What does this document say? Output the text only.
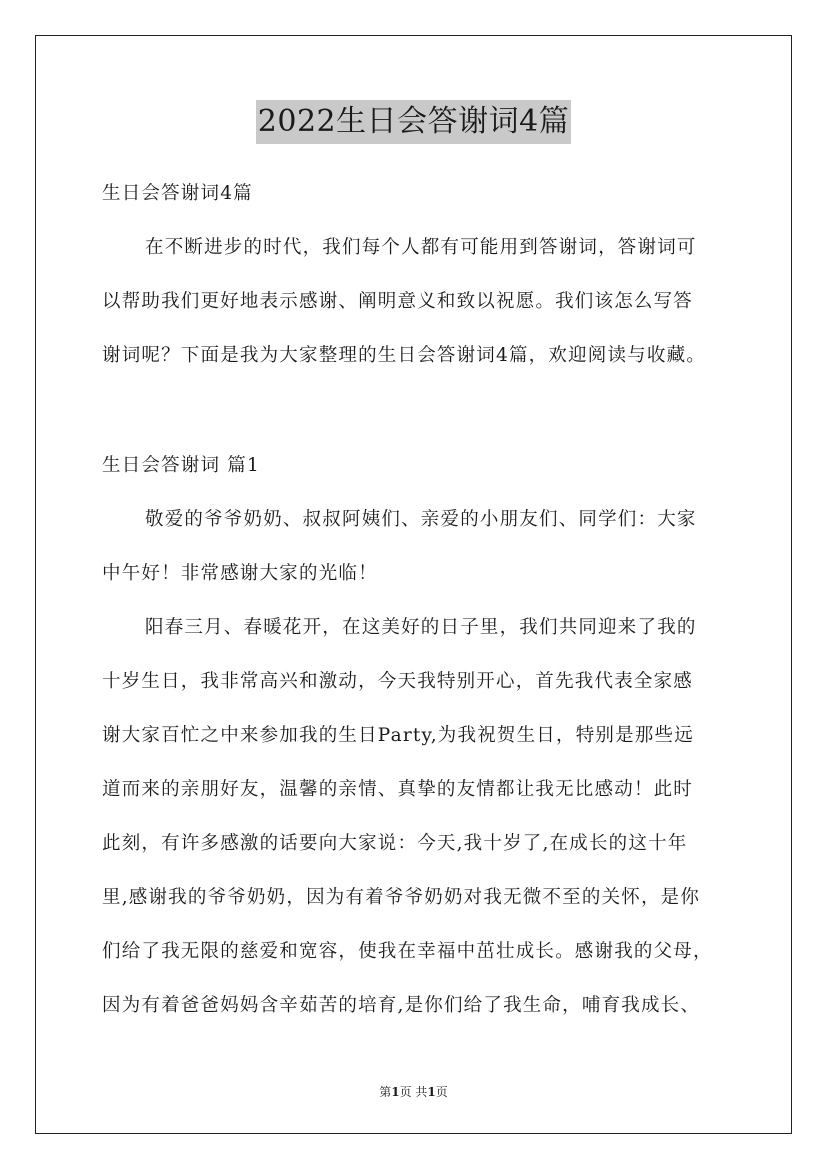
2022生日会答谢词4篇

生日会答谢词4篇

在不断进步的时代，我们每个人都有可能用到答谢词，答谢词可

以帮助我们更好地表示感谢、阐明意义和致以祝愿。我们该怎么写答

谢词呢？下面是我为大家整理的生日会答谢词4篇，欢迎阅读与收藏。

生日会答谢词 篇1

敬爱的爷爷奶奶、叔叔阿姨们、亲爱的小朋友们、同学们：大家

中午好！非常感谢大家的光临！

阳春三月、春暖花开，在这美好的日子里，我们共同迎来了我的

十岁生日，我非常高兴和激动，今天我特别开心，首先我代表全家感

谢大家百忙之中来参加我的生日Party,为我祝贺生日，特别是那些远

道而来的亲朋好友，温馨的亲情、真挚的友情都让我无比感动！此时

此刻，有许多感激的话要向大家说：今天,我十岁了,在成长的这十年

里,感谢我的爷爷奶奶，因为有着爷爷奶奶对我无微不至的关怀，是你

们给了我无限的慈爱和宽容，使我在幸福中茁壮成长。感谢我的父母，

因为有着爸爸妈妈含辛茹苦的培育,是你们给了我生命，哺育我成长、

第1页 共1页
